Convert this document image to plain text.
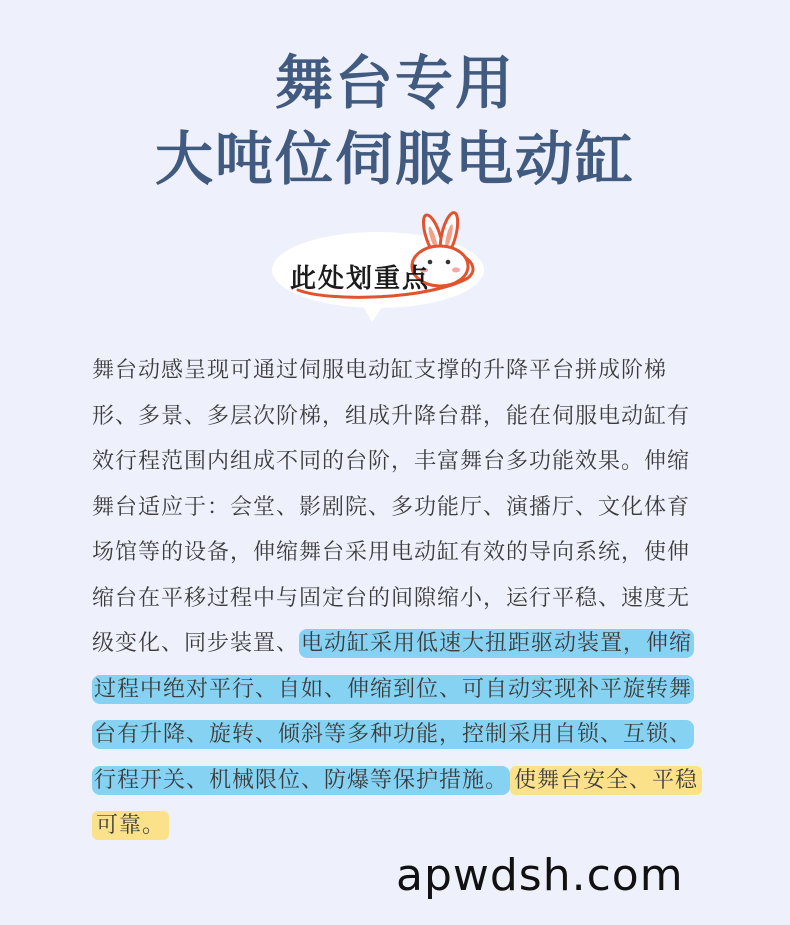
舞台专用
大吨位伺服电动缸
此处划重点
舞台动感呈现可通过伺服电动缸支撑的升降平台拼成阶梯形、多景、多层次阶梯，组成升降台群，能在伺服电动缸有效行程范围内组成不同的台阶，丰富舞台多功能效果。伸缩舞台适应于：会堂、影剧院、多功能厅、演播厅、文化体育场馆等的设备，伸缩舞台采用电动缸有效的导向系统，使伸缩台在平移过程中与固定台的间隙缩小，运行平稳、速度无级变化、同步装置、电动缸采用低速大扭距驱动装置，伸缩过程中绝对平行、自如、伸缩到位、可自动实现补平旋转舞台有升降、旋转、倾斜等多种功能，控制采用自锁、互锁、行程开关、机械限位、防爆等保护措施。 使舞台安全、平稳可靠。
apwdsh.com
